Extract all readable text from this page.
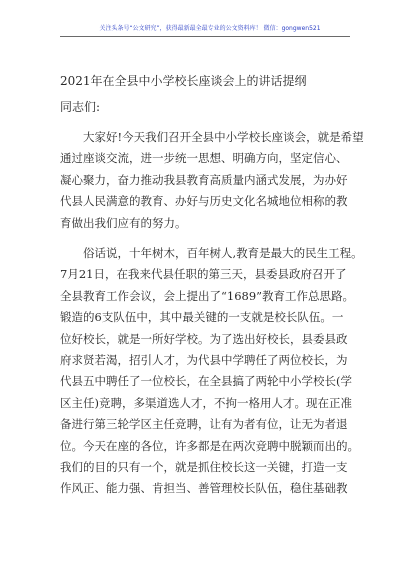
关注头条号“公文研究”，获得最新最全最专业的公文资料库！ 微信：gongwen521
2021年在全县中小学校长座谈会上的讲话提纲
同志们:
大家好!今天我们召开全县中小学校长座谈会，就是希望
通过座谈交流，进一步统一思想、明确方向，坚定信心、
凝心聚力，奋力推动我县教育高质量内涵式发展，为办好
代县人民满意的教育、办好与历史文化名城地位相称的教
育做出我们应有的努力。
俗话说，十年树木，百年树人,教育是最大的民生工程。
7月21日，在我来代县任职的第三天，县委县政府召开了
全县教育工作会议，会上提出了“1689”教育工作总思路。
锻造的6支队伍中，其中最关键的一支就是校长队伍。一
位好校长，就是一所好学校。为了选出好校长，县委县政
府求贤若渴，招引人才，为代县中学聘任了两位校长，为
代县五中聘任了一位校长，在全县搞了两轮中小学校长(学
区主任)竞聘，多渠道选人才，不拘一格用人才。现在正准
备进行第三轮学区主任竞聘，让有为者有位，让无为者退
位。今天在座的各位，许多都是在两次竞聘中脱颖而出的。
我们的目的只有一个，就是抓住校长这一关键，打造一支
作风正、能力强、肯担当、善管理校长队伍，稳住基础教
